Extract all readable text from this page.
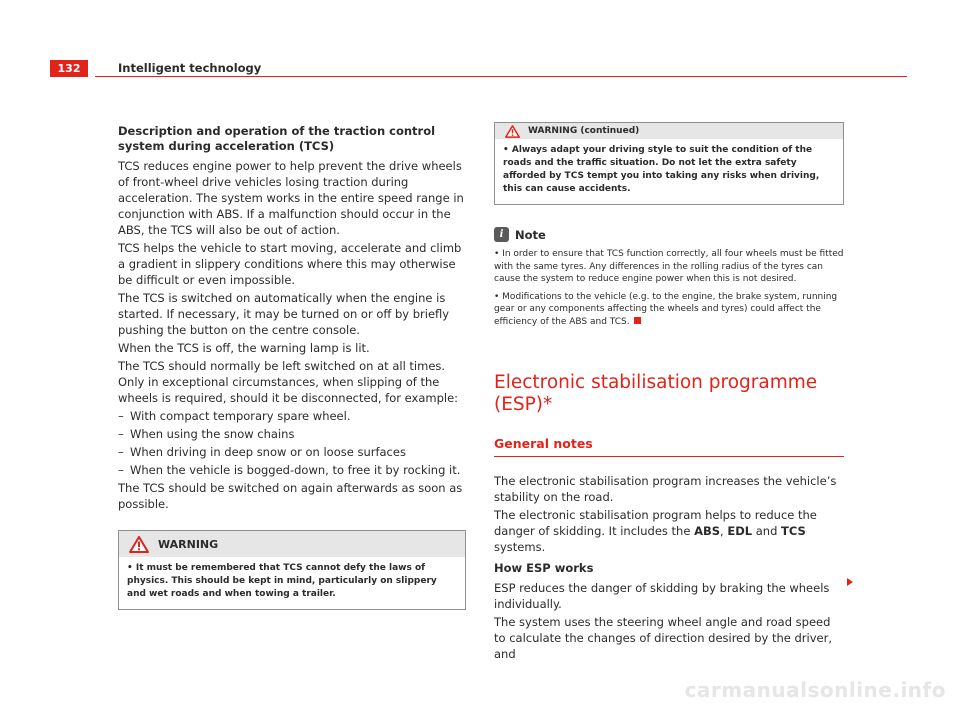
132	Intelligent technology

Description and operation of the traction control system during acceleration (TCS)

TCS reduces engine power to help prevent the drive wheels of front-wheel drive vehicles losing traction during acceleration. The system works in the entire speed range in conjunction with ABS. If a malfunction should occur in the ABS, the TCS will also be out of action.

TCS helps the vehicle to start moving, accelerate and climb a gradient in slippery conditions where this may otherwise be difficult or even impossible.

The TCS is switched on automatically when the engine is started. If necessary, it may be turned on or off by briefly pushing the button on the centre console.

When the TCS is off, the warning lamp is lit.

The TCS should normally be left switched on at all times. Only in exceptional circumstances, when slipping of the wheels is required, should it be disconnected, for example:

– With compact temporary spare wheel.
– When using the snow chains
– When driving in deep snow or on loose surfaces
– When the vehicle is bogged-down, to free it by rocking it.

The TCS should be switched on again afterwards as soon as possible.

WARNING
• It must be remembered that TCS cannot defy the laws of physics. This should be kept in mind, particularly on slippery and wet roads and when towing a trailer.
WARNING (continued)
• Always adapt your driving style to suit the condition of the roads and the traffic situation. Do not let the extra safety afforded by TCS tempt you into taking any risks when driving, this can cause accidents.
i	Note

• In order to ensure that TCS function correctly, all four wheels must be fitted with the same tyres. Any differences in the rolling radius of the tyres can cause the system to reduce engine power when this is not desired.

• Modifications to the vehicle (e.g. to the engine, the brake system, running gear or any components affecting the wheels and tyres) could affect the efficiency of the ABS and TCS.

Electronic stabilisation programme (ESP)*
General notes

The electronic stabilisation program increases the vehicle’s stability on the road.

The electronic stabilisation program helps to reduce the danger of skidding. It includes the ABS, EDL and TCS systems.

How ESP works

ESP reduces the danger of skidding by braking the wheels individually.

The system uses the steering wheel angle and road speed to calculate the changes of direction desired by the driver, and

carmanualsonline.info
